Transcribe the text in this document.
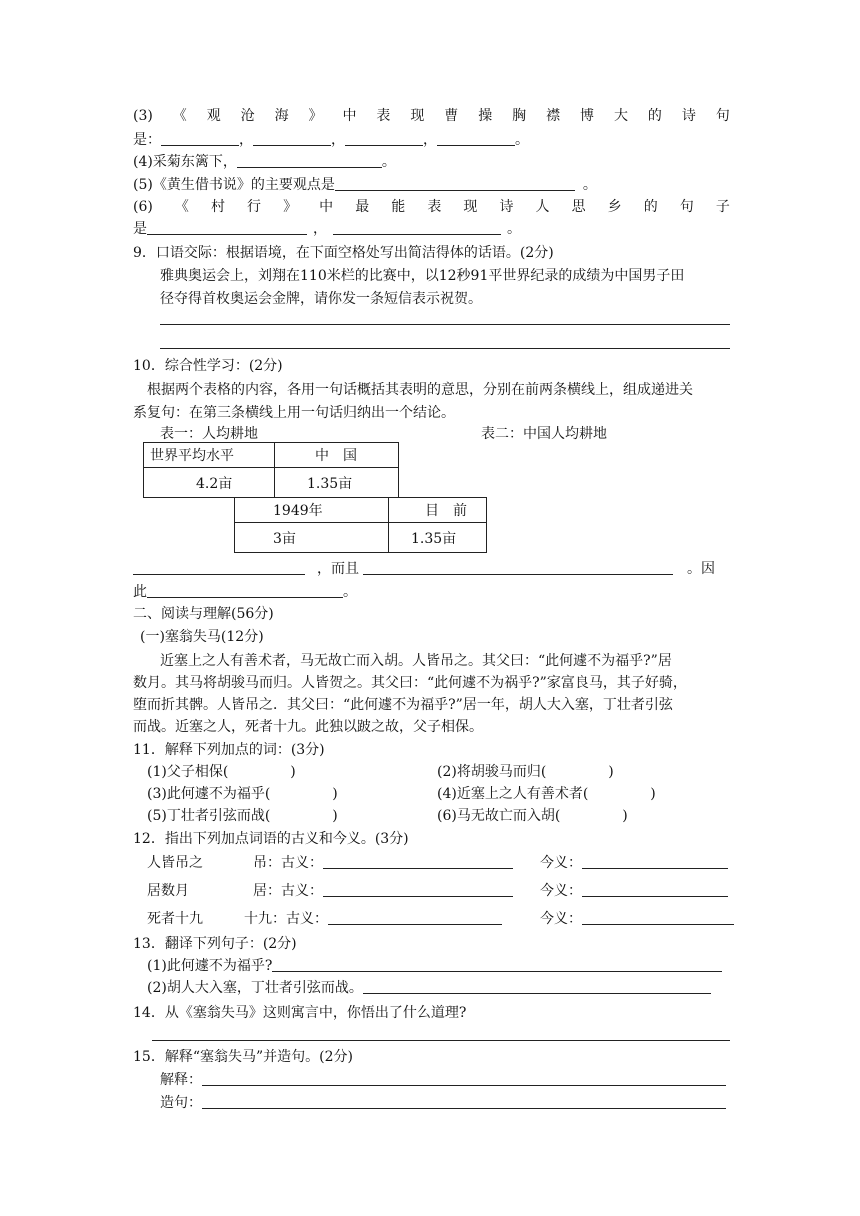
(3) 《 观 沧 海 》 中 表 现 曹 操 胸 襟 博 大 的 诗 句
是：	，	，	，	。
(4)采菊东篱下，	。
(5)《黄生借书说》的主要观点是	。
(6) 《 村 行 》 中 最 能 表 现 诗 人 思 乡 的 句 子
是	，	。
9．口语交际：根据语境，在下面空格处写出简洁得体的话语。(2分)
雅典奥运会上，刘翔在110米栏的比赛中，以12秒91平世界纪录的成绩为中国男子田
径夺得首枚奥运会金牌，请你发一条短信表示祝贺。
10．综合性学习：(2分)
根据两个表格的内容，各用一句话概括其表明的意思，分别在前两条横线上，组成递进关
系复句：在第三条横线上用一句话归纳出一个结论。
表一：人均耕地	表二：中国人均耕地
世界平均水平	中　国
4.2亩	1.35亩
1949年	目　前
3亩	1.35亩
，而且	。因
此	。
二、阅读与理解(56分)
(一)塞翁失马(12分)
近塞上之人有善术者，马无故亡而入胡。人皆吊之。其父曰：“此何遽不为福乎?”居
数月。其马将胡骏马而归。人皆贺之。其父曰：“此何遽不为祸乎?”家富良马，其子好骑，
堕而折其髀。人皆吊之．其父曰：“此何遽不为福乎?”居一年，胡人大入塞，丁壮者引弦
而战。近塞之人，死者十九。此独以跛之故，父子相保。
11．解释下列加点的词：(3分)
(1)父子相保(	)	(2)将胡骏马而归(	)
(3)此何遽不为福乎(	)	(4)近塞上之人有善术者(	)
(5)丁壮者引弦而战(	)	(6)马无故亡而入胡(	)
12．指出下列加点词语的古义和今义。(3分)
人皆吊之	吊：古义：	今义：
居数月	居：古义：	今义：
死者十九	十九：古义：	今义：
13．翻译下列句子：(2分)
(1)此何遽不为福乎?
(2)胡人大入塞，丁壮者引弦而战。
14．从《塞翁失马》这则寓言中，你悟出了什么道理?
15．解释“塞翁失马”并造句。(2分)
解释：
造句：
